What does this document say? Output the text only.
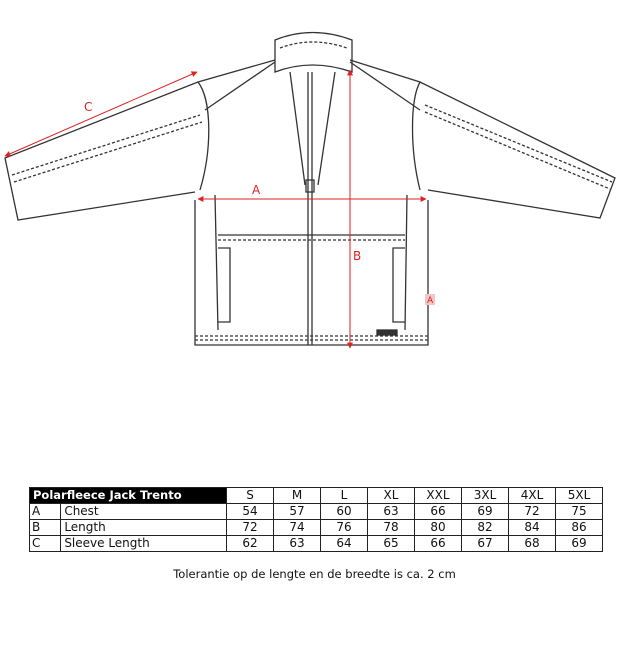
A
B
C
A
Polarfleece Jack Trento		S	M	L	XL	XXL	3XL	4XL	5XL
A	Chest	54	57	60	63	66	69	72	75
B	Length	72	74	76	78	80	82	84	86
C	Sleeve Length	62	63	64	65	66	67	68	69
Tolerantie op de lengte en de breedte is ca. 2 cm
